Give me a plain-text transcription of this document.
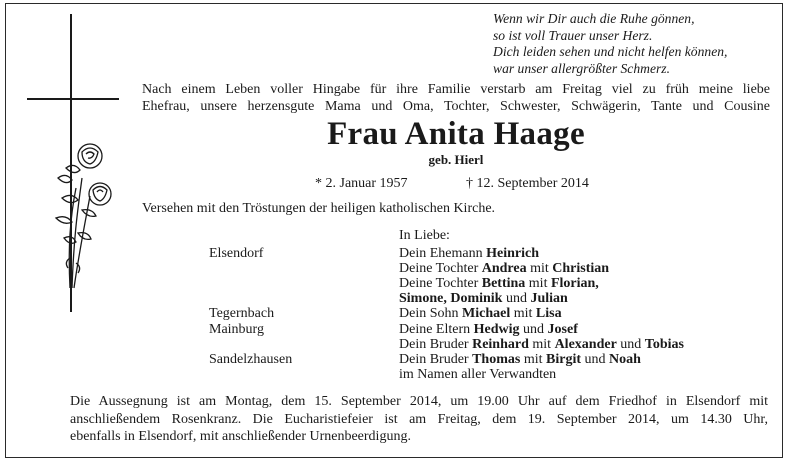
Wenn wir Dir auch die Ruhe gönnen,
so ist voll Trauer unser Herz.
Dich leiden sehen und nicht helfen können,
war unser allergrößter Schmerz.
Nach einem Leben voller Hingabe für ihre Familie verstarb am Freitag viel zu früh meine liebe
Ehefrau, unsere herzensgute Mama und Oma, Tochter, Schwester, Schwägerin, Tante und Cousine
Frau Anita Haage
geb. Hierl
* 2. Januar 1957	† 12. September 2014
Versehen mit den Tröstungen der heiligen katholischen Kirche.
In Liebe:
Elsendorf
Tegernbach
Mainburg
Sandelzhausen
Dein Ehemann Heinrich
Deine Tochter Andrea mit Christian
Deine Tochter Bettina mit Florian,
Simone, Dominik und Julian
Dein Sohn Michael mit Lisa
Deine Eltern Hedwig und Josef
Dein Bruder Reinhard mit Alexander und Tobias
Dein Bruder Thomas mit Birgit und Noah
im Namen aller Verwandten
Die Aussegnung ist am Montag, dem 15. September 2014, um 19.00 Uhr auf dem Friedhof in Elsendorf mit
anschließendem Rosenkranz. Die Eucharistiefeier ist am Freitag, dem 19. September 2014, um 14.30 Uhr,
ebenfalls in Elsendorf, mit anschließender Urnenbeerdigung.
